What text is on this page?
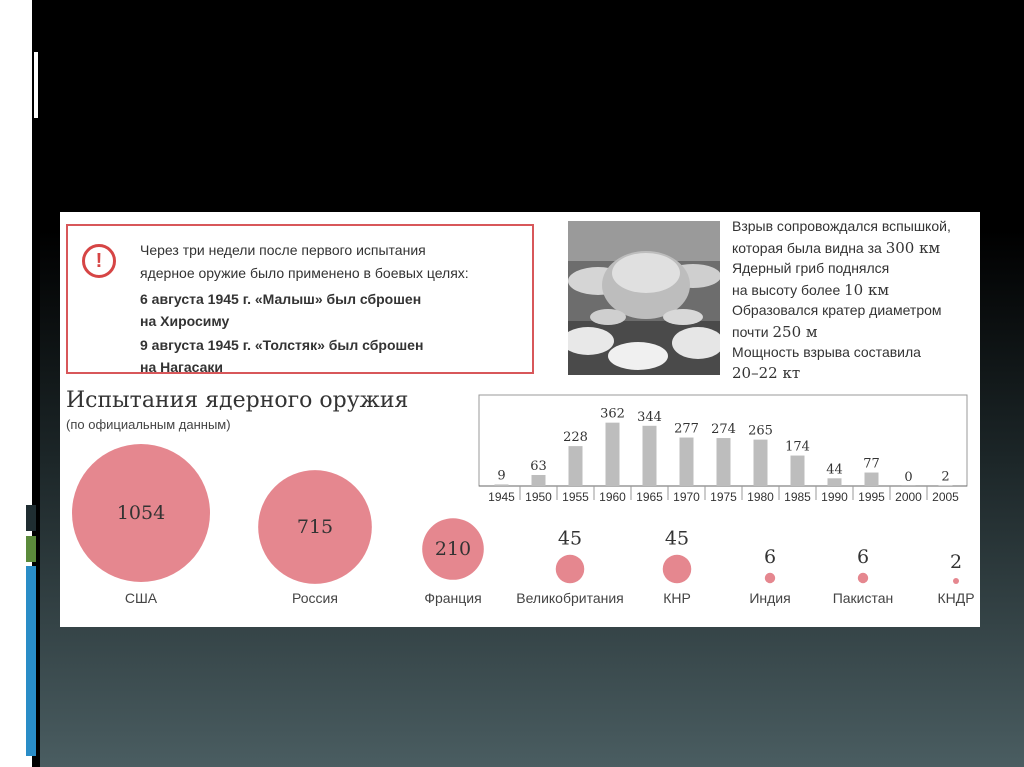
!	Через три недели после первого испытания
ядерное оружие было применено в боевых целях:
6 августа 1945 г. «Малыш» был сброшен
на Хиросиму
9 августа 1945 г. «Толстяк» был сброшен
на Нагасаки
Взрыв сопровождался вспышкой,
которая была видна за 300 км
Ядерный гриб поднялся
на высоту более 10 км
Образовался кратер диаметром
почти 250 м
Мощность взрыва составила
20–22 кт
Испытания ядерного оружия
(по официальным данным)
9
1945
63
1950
228
1955
362
1960
344
1965
277
1970
274
1975
265
1980
174
1985
44
1990
77
1995
0
2000
2
2005
1054
США
715
Россия
210
Франция
45
Великобритания
45
КНР
6
Индия
6
Пакистан
2
КНДР
